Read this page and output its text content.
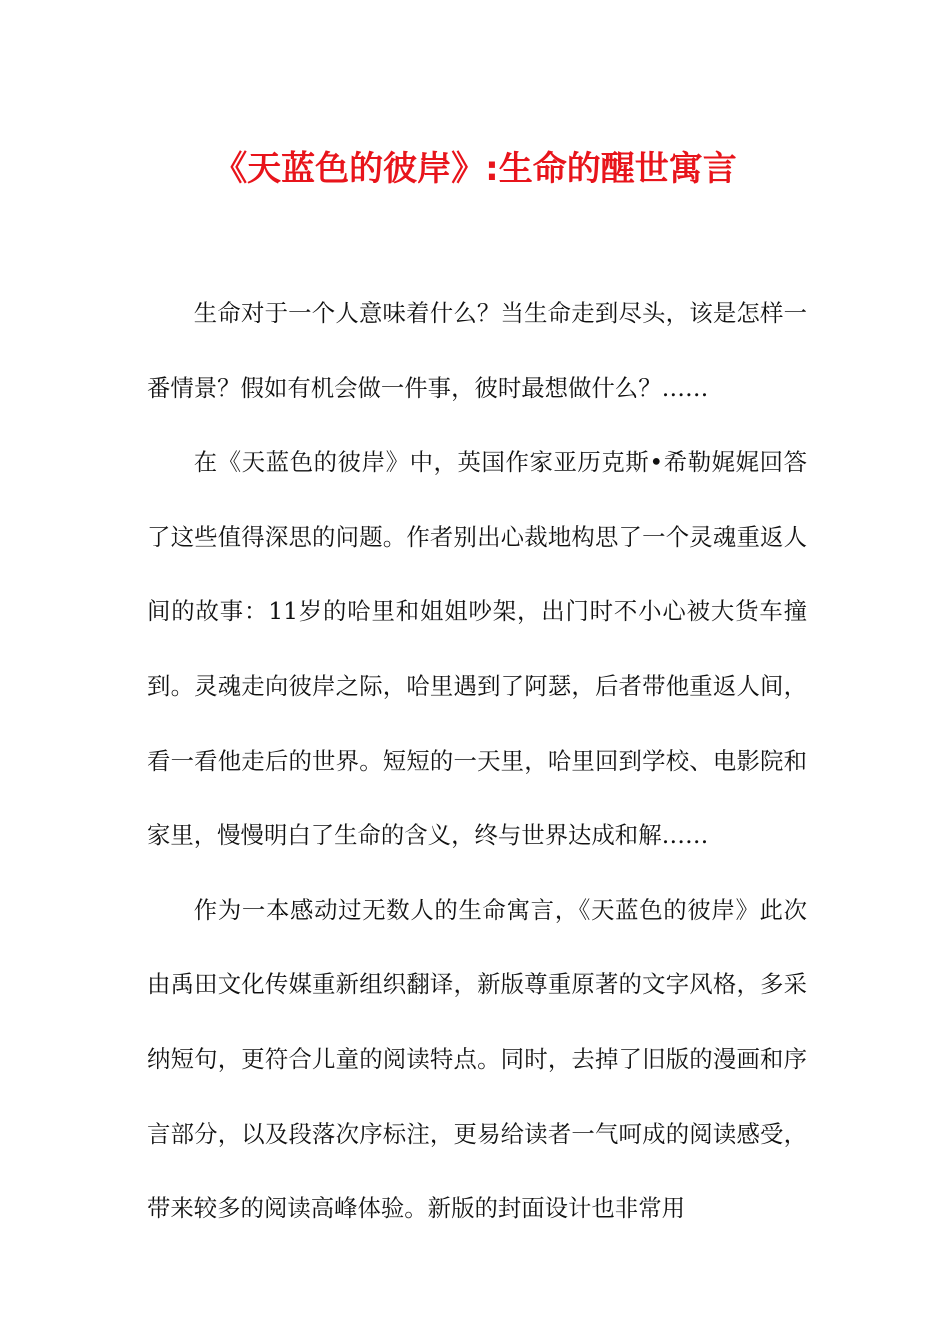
《天蓝色的彼岸》:生命的醒世寓言

生命对于一个人意味着什么？当生命走到尽头，该是怎样一番情景？假如有机会做一件事，彼时最想做什么？……

在《天蓝色的彼岸》中，英国作家亚历克斯•希勒娓娓回答了这些值得深思的问题。作者别出心裁地构思了一个灵魂重返人间的故事：11岁的哈里和姐姐吵架，出门时不小心被大货车撞到。灵魂走向彼岸之际，哈里遇到了阿瑟，后者带他重返人间，看一看他走后的世界。短短的一天里，哈里回到学校、电影院和家里，慢慢明白了生命的含义，终与世界达成和解……

作为一本感动过无数人的生命寓言，《天蓝色的彼岸》此次由禹田文化传媒重新组织翻译，新版尊重原著的文字风格，多采纳短句，更符合儿童的阅读特点。同时，去掉了旧版的漫画和序言部分，以及段落次序标注，更易给读者一气呵成的阅读感受，带来较多的阅读高峰体验。新版的封面设计也非常用
